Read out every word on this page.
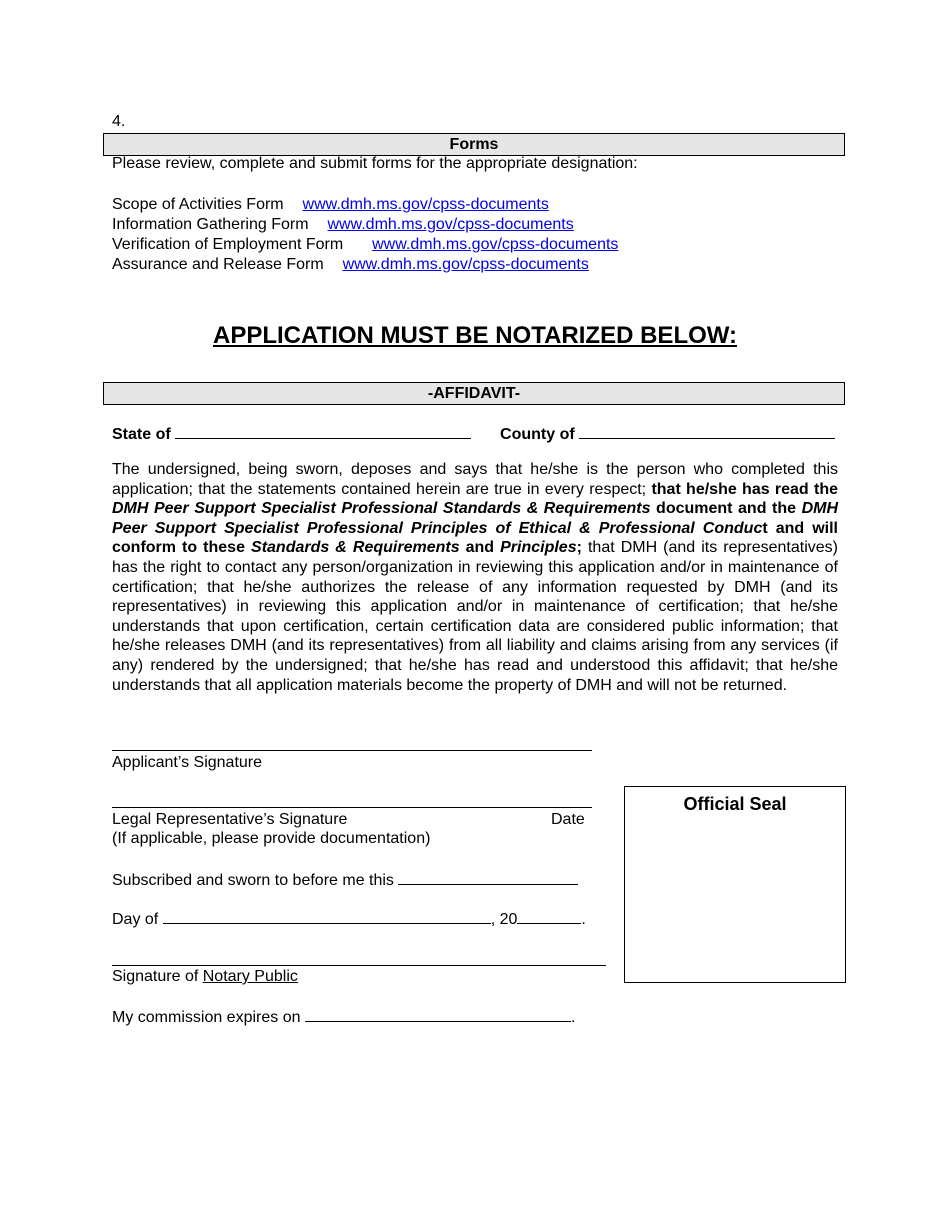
4.
Forms
Please review, complete and submit forms for the appropriate designation:
Scope of Activities Form www.dmh.ms.gov/cpss-documents
Information Gathering Form www.dmh.ms.gov/cpss-documents
Verification of Employment Form www.dmh.ms.gov/cpss-documents
Assurance and Release Form www.dmh.ms.gov/cpss-documents
APPLICATION MUST BE NOTARIZED BELOW:
-AFFIDAVIT-
State of	County of
The undersigned, being sworn, deposes and says that he/she is the person who completed this application; that the statements contained herein are true in every respect; that he/she has read the DMH Peer Support Specialist Professional Standards & Requirements document and the DMH Peer Support Specialist Professional Principles of Ethical & Professional Conduct and will conform to these Standards & Requirements and Principles; that DMH (and its representatives) has the right to contact any person/organization in reviewing this application and/or in maintenance of certification; that he/she authorizes the release of any information requested by DMH (and its representatives) in reviewing this application and/or in maintenance of certification; that he/she understands that upon certification, certain certification data are considered public information; that he/she releases DMH (and its representatives) from all liability and claims arising from any services (if any) rendered by the undersigned; that he/she has read and understood this affidavit; that he/she understands that all application materials become the property of DMH and will not be returned.
Applicant’s Signature
Legal Representative’s Signature	Date
(If applicable, please provide documentation)
Subscribed and sworn to before me this
Day of	, 20	.
Signature of Notary Public
My commission expires on	.
Official Seal
